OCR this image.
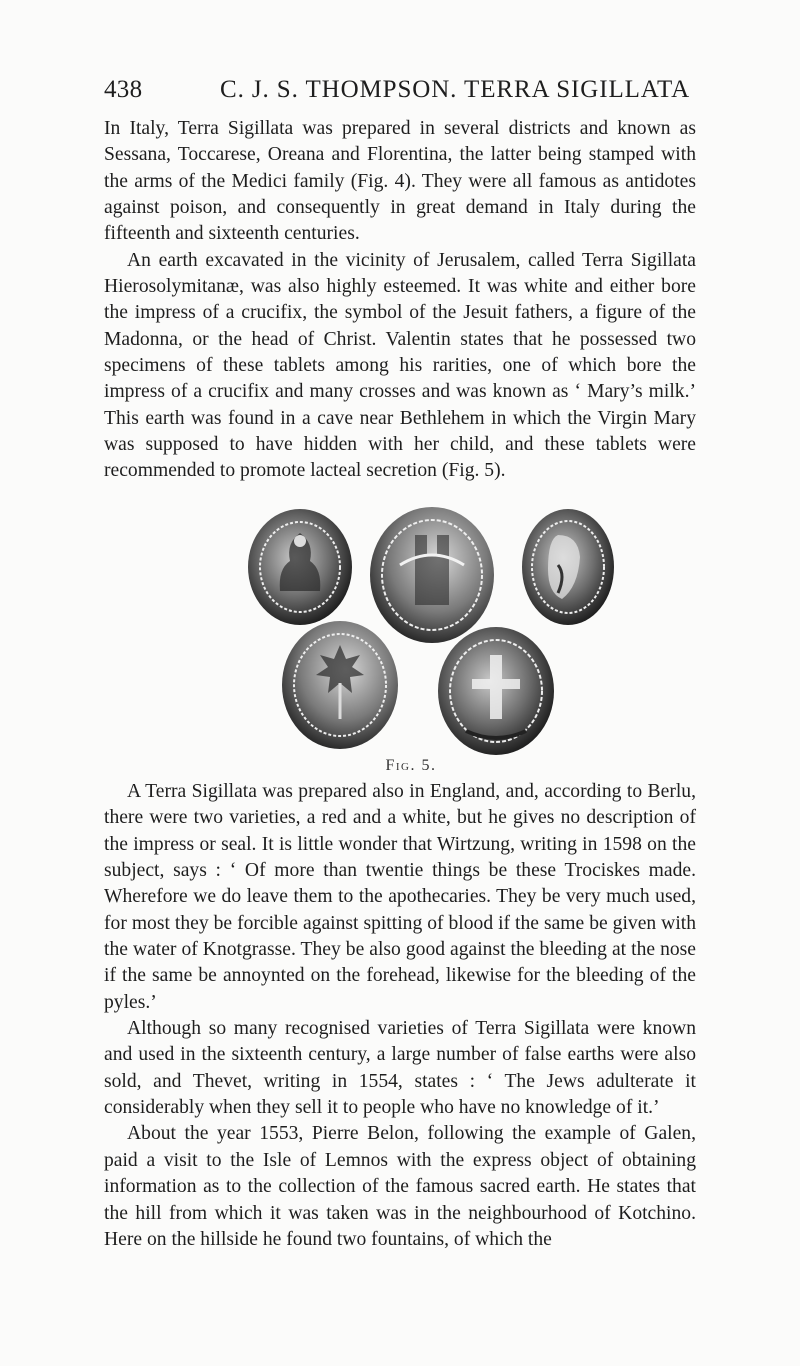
438	C. J. S. THOMPSON. TERRA SIGILLATA

In Italy, Terra Sigillata was prepared in several districts and known as Sessana, Toccarese, Oreana and Florentina, the latter being stamped with the arms of the Medici family (Fig. 4). They were all famous as antidotes against poison, and consequently in great demand in Italy during the fifteenth and sixteenth centuries.

An earth excavated in the vicinity of Jerusalem, called Terra Sigillata Hierosolymitanæ, was also highly esteemed. It was white and either bore the impress of a crucifix, the symbol of the Jesuit fathers, a figure of the Madonna, or the head of Christ. Valentin states that he possessed two specimens of these tablets among his rarities, one of which bore the impress of a crucifix and many crosses and was known as ‘ Mary’s milk.’ This earth was found in a cave near Bethlehem in which the Virgin Mary was supposed to have hidden with her child, and these tablets were recommended to promote lacteal secretion (Fig. 5).

Fig. 5.

A Terra Sigillata was prepared also in England, and, according to Berlu, there were two varieties, a red and a white, but he gives no description of the impress or seal. It is little wonder that Wirtzung, writing in 1598 on the subject, says : ‘ Of more than twentie things be these Trociskes made. Wherefore we do leave them to the apothecaries. They be very much used, for most they be forcible against spitting of blood if the same be given with the water of Knotgrasse. They be also good against the bleeding at the nose if the same be annoynted on the forehead, likewise for the bleeding of the pyles.’

Although so many recognised varieties of Terra Sigillata were known and used in the sixteenth century, a large number of false earths were also sold, and Thevet, writing in 1554, states : ‘ The Jews adulterate it considerably when they sell it to people who have no knowledge of it.’

About the year 1553, Pierre Belon, following the example of Galen, paid a visit to the Isle of Lemnos with the express object of obtaining information as to the collection of the famous sacred earth. He states that the hill from which it was taken was in the neighbourhood of Kotchino. Here on the hillside he found two fountains, of which the
